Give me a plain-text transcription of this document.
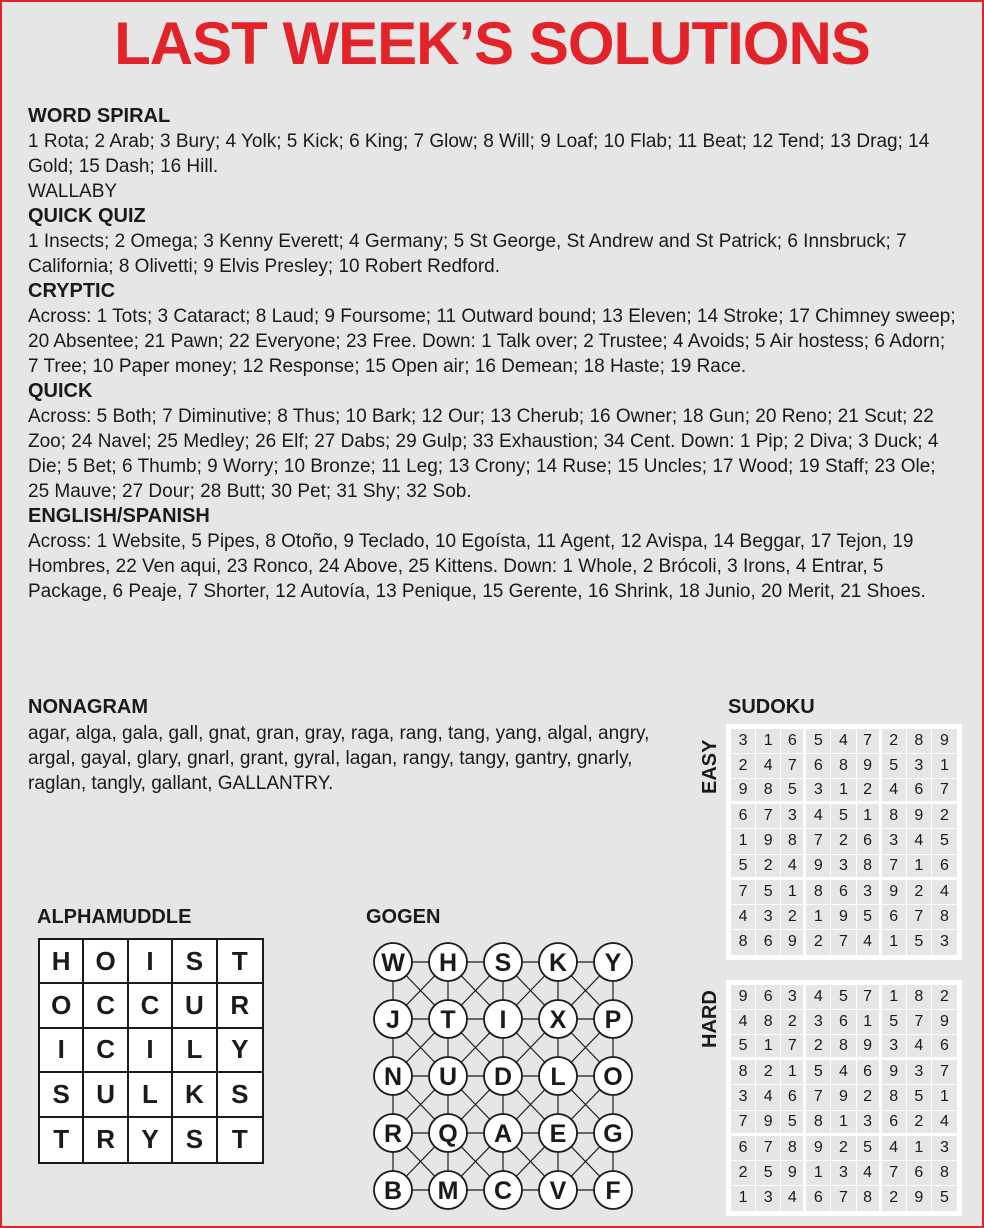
LAST WEEK’S SOLUTIONS
WORD SPIRAL
1 Rota; 2 Arab; 3 Bury; 4 Yolk; 5 Kick; 6 King; 7 Glow; 8 Will; 9 Loaf; 10 Flab; 11 Beat; 12 Tend; 13 Drag; 14 Gold; 15 Dash; 16 Hill.
WALLABY
QUICK QUIZ
1 Insects; 2 Omega; 3 Kenny Everett; 4 Germany; 5 St George, St Andrew and St Patrick; 6 Innsbruck; 7 California; 8 Olivetti; 9 Elvis Presley; 10 Robert Redford.
CRYPTIC
Across: 1 Tots; 3 Cataract; 8 Laud; 9 Foursome; 11 Outward bound; 13 Eleven; 14 Stroke; 17 Chimney sweep; 20 Absentee; 21 Pawn; 22 Everyone; 23 Free. Down: 1 Talk over; 2 Trustee; 4 Avoids; 5 Air hostess; 6 Adorn; 7 Tree; 10 Paper money; 12 Response; 15 Open air; 16 Demean; 18 Haste; 19 Race.
QUICK
Across: 5 Both; 7 Diminutive; 8 Thus; 10 Bark; 12 Our; 13 Cherub; 16 Owner; 18 Gun; 20 Reno; 21 Scut; 22 Zoo; 24 Navel; 25 Medley; 26 Elf; 27 Dabs; 29 Gulp; 33 Exhaustion; 34 Cent. Down: 1 Pip; 2 Diva; 3 Duck; 4 Die; 5 Bet; 6 Thumb; 9 Worry; 10 Bronze; 11 Leg; 13 Crony; 14 Ruse; 15 Uncles; 17 Wood; 19 Staff; 23 Ole; 25 Mauve; 27 Dour; 28 Butt; 30 Pet; 31 Shy; 32 Sob.
ENGLISH/SPANISH
Across: 1 Website, 5 Pipes, 8 Otoño, 9 Teclado, 10 Egoísta, 11 Agent, 12 Avispa, 14 Beggar, 17 Tejon, 19 Hombres, 22 Ven aqui, 23 Ronco, 24 Above, 25 Kittens. Down: 1 Whole, 2 Brócoli, 3 Irons, 4 Entrar, 5 Package, 6 Peaje, 7 Shorter, 12 Autovía, 13 Penique, 15 Gerente, 16 Shrink, 18 Junio, 20 Merit, 21 Shoes.
NONAGRAM
agar, alga, gala, gall, gnat, gran, gray, raga, rang, tang, yang, algal, angry, argal, gayal, glary, gnarl, grant, gyral, lagan, rangy, tangy, gantry, gnarly, raglan, tangly, gallant, GALLANTRY.
SUDOKU
EASY
HARD
3	1 6	5	4 7	2	8	9
2	4 7	6	8 9	5	3	1
9	8 5	3	1 2	4	6	7
6	7 3	4	5 1	8	9	2
1	9 8	7	2 6	3	4	5
5	2 4	9	3 8	7	1	6
7	5 1	8	6 3	9	2	4
4	3 2	1	9 5	6	7	8
8	6 9	2	7 4	1	5	3
9	6 3	4	5 7	1	8	2
4	8 2	3	6 1	5	7	9
5	1 7	2	8 9	3	4	6
8	2 1	5	4 6	9	3	7
3	4 6	7	9 2	8	5	1
7	9 5	8	1 3	6	2	4
6	7 8	9	2 5	4	1	3
2	5 9	1	3 4	7	6	8
1	3 4	6	7 8	2	9	5
ALPHAMUDDLE
H O	I	S	T
O C C U	R
I	C	I	L	Y
S	U	L	K	S
T	R	Y	S	T
GOGEN
W H S K Y
J T I X P
N U D L O
R Q A E G
B M C V F
